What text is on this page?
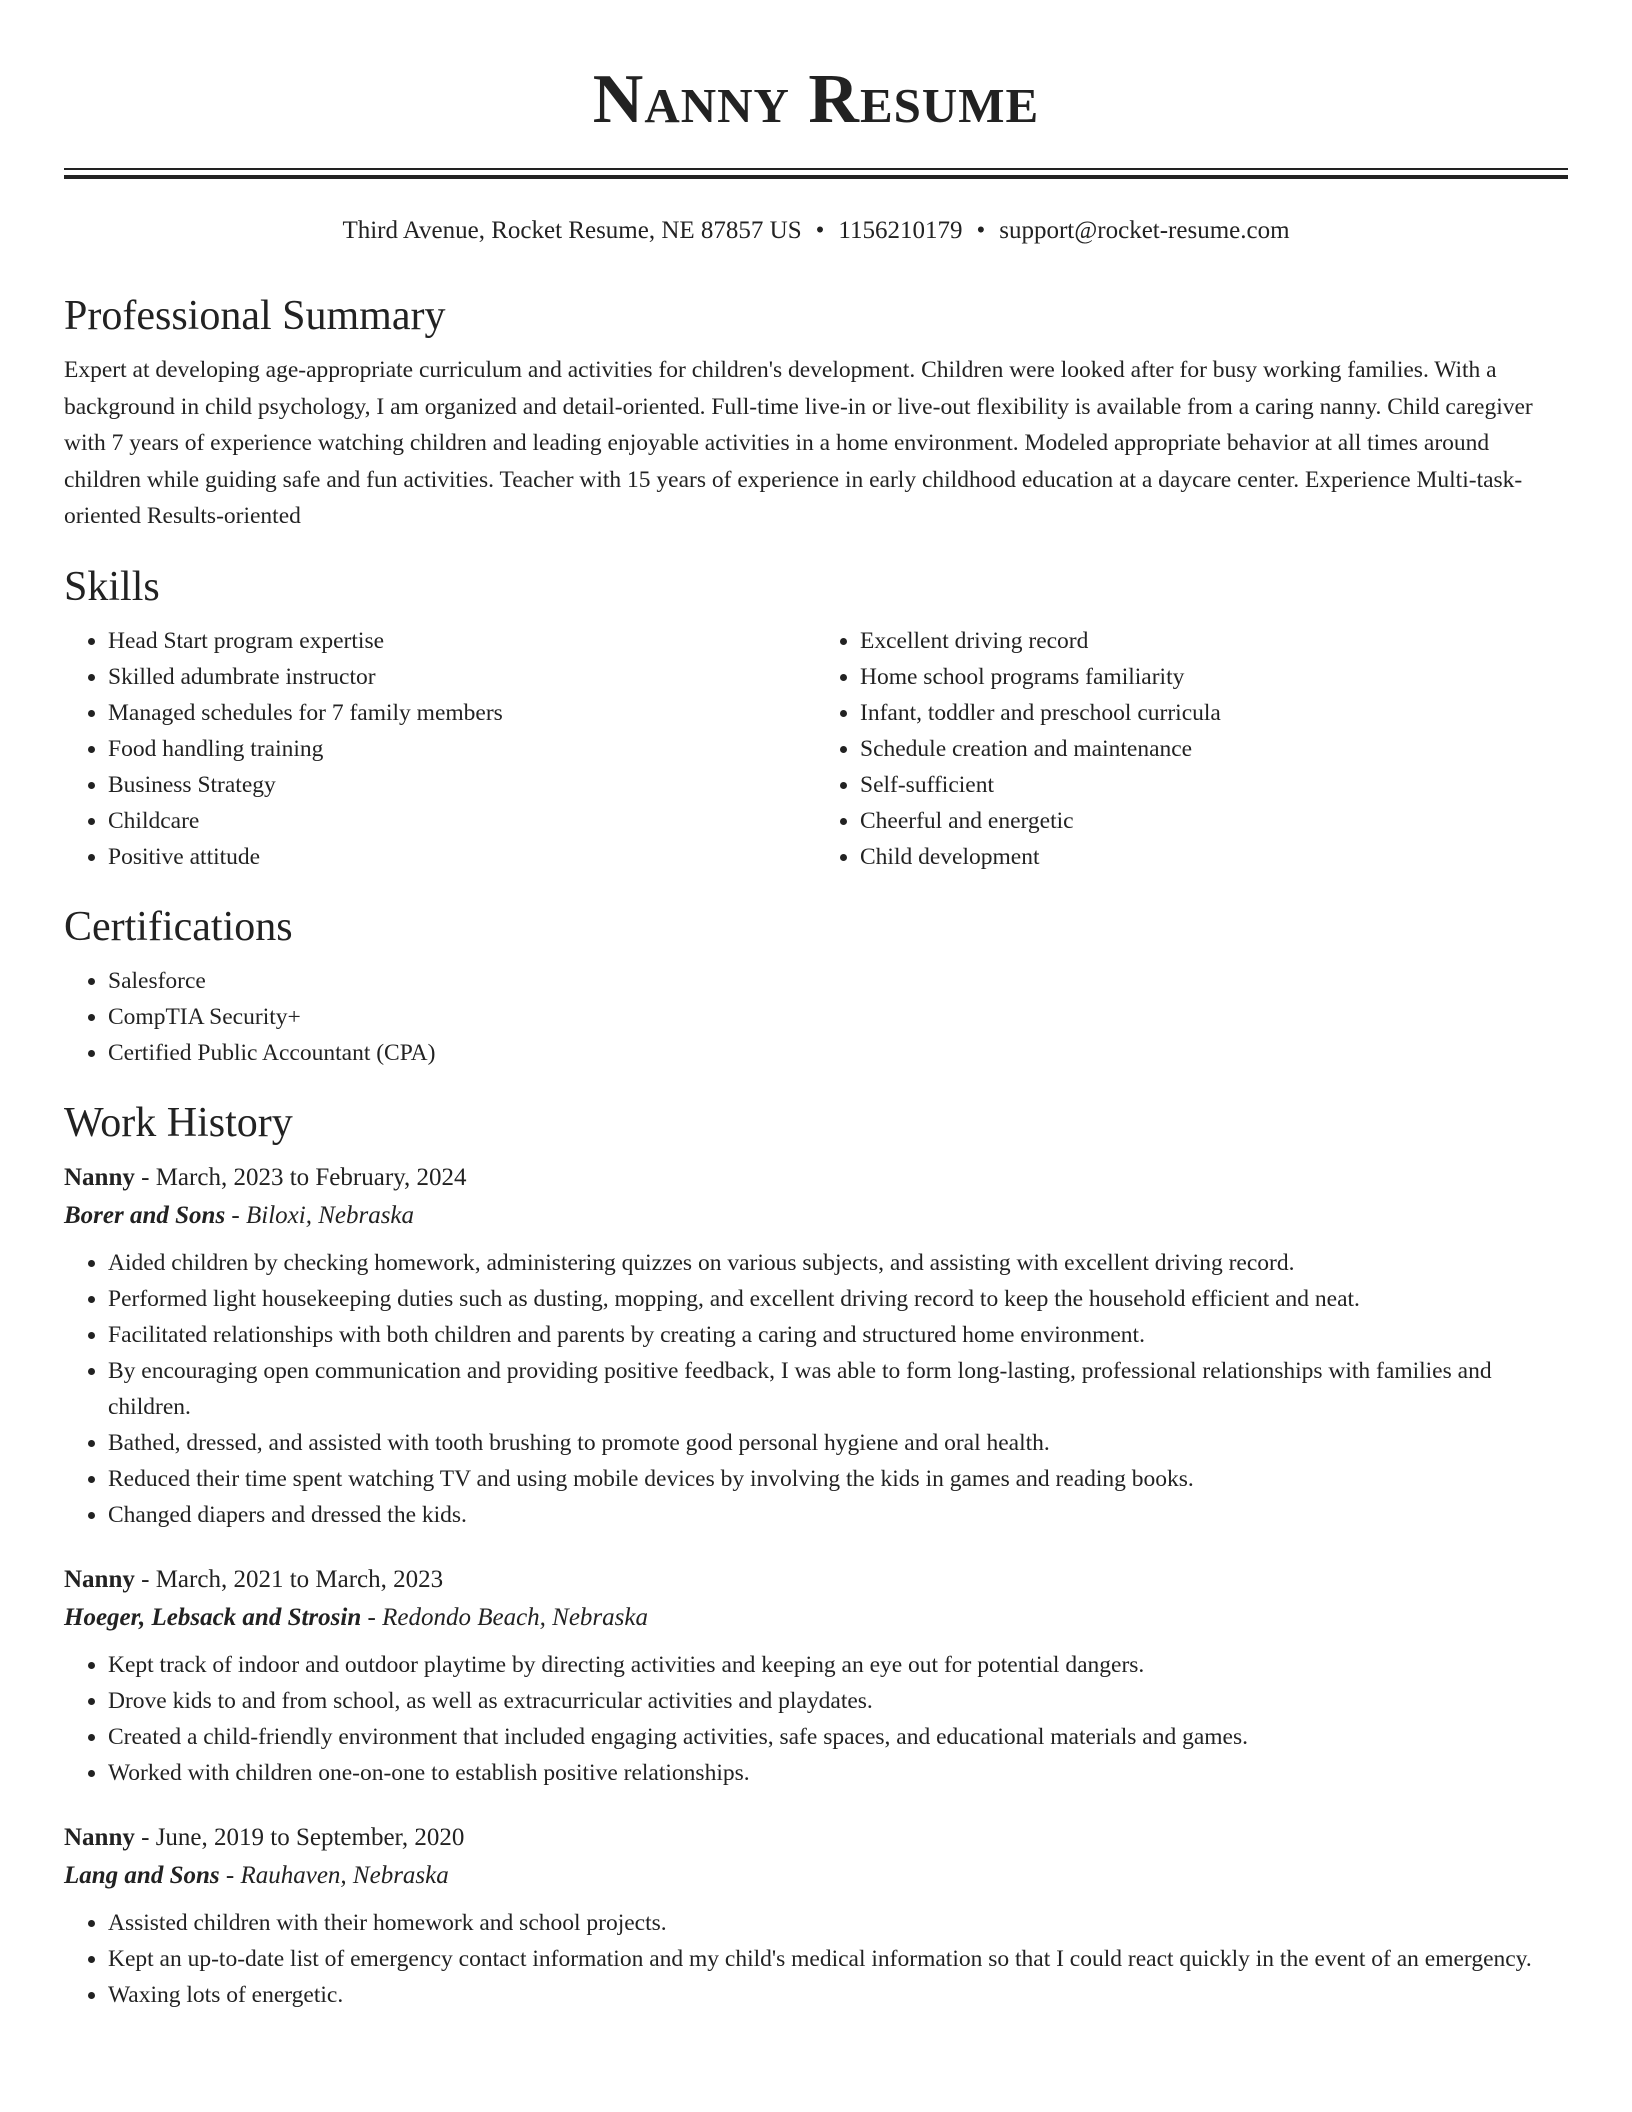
Nanny Resume
Third Avenue, Rocket Resume, NE 87857 US • 1156210179 • support@rocket-resume.com
Professional Summary

Expert at developing age-appropriate curriculum and activities for children's development. Children were looked after for busy working families. With a background in child psychology, I am organized and detail-oriented. Full-time live-in or live-out flexibility is available from a caring nanny. Child caregiver with 7 years of experience watching children and leading enjoyable activities in a home environment. Modeled appropriate behavior at all times around children while guiding safe and fun activities. Teacher with 15 years of experience in early childhood education at a daycare center. Experience Multi-task-oriented Results-oriented

Skills
• Head Start program expertise
• Skilled adumbrate instructor
• Managed schedules for 7 family members
• Food handling training
• Business Strategy
• Childcare
• Positive attitude
• Excellent driving record
• Home school programs familiarity
• Infant, toddler and preschool curricula
• Schedule creation and maintenance
• Self-sufficient
• Cheerful and energetic
• Child development
Certifications
• Salesforce
• CompTIA Security+
• Certified Public Accountant (CPA)
Work History
Nanny - March, 2023 to February, 2024
Borer and Sons - Biloxi, Nebraska
• Aided children by checking homework, administering quizzes on various subjects, and assisting with excellent driving record.
• Performed light housekeeping duties such as dusting, mopping, and excellent driving record to keep the household efficient and neat.
• Facilitated relationships with both children and parents by creating a caring and structured home environment.
• By encouraging open communication and providing positive feedback, I was able to form long-lasting, professional relationships with families and children.
• Bathed, dressed, and assisted with tooth brushing to promote good personal hygiene and oral health.
• Reduced their time spent watching TV and using mobile devices by involving the kids in games and reading books.
• Changed diapers and dressed the kids.
Nanny - March, 2021 to March, 2023
Hoeger, Lebsack and Strosin - Redondo Beach, Nebraska
• Kept track of indoor and outdoor playtime by directing activities and keeping an eye out for potential dangers.
• Drove kids to and from school, as well as extracurricular activities and playdates.
• Created a child-friendly environment that included engaging activities, safe spaces, and educational materials and games.
• Worked with children one-on-one to establish positive relationships.
Nanny - June, 2019 to September, 2020
Lang and Sons - Rauhaven, Nebraska
• Assisted children with their homework and school projects.
• Kept an up-to-date list of emergency contact information and my child's medical information so that I could react quickly in the event of an emergency.
• Waxing lots of energetic.
